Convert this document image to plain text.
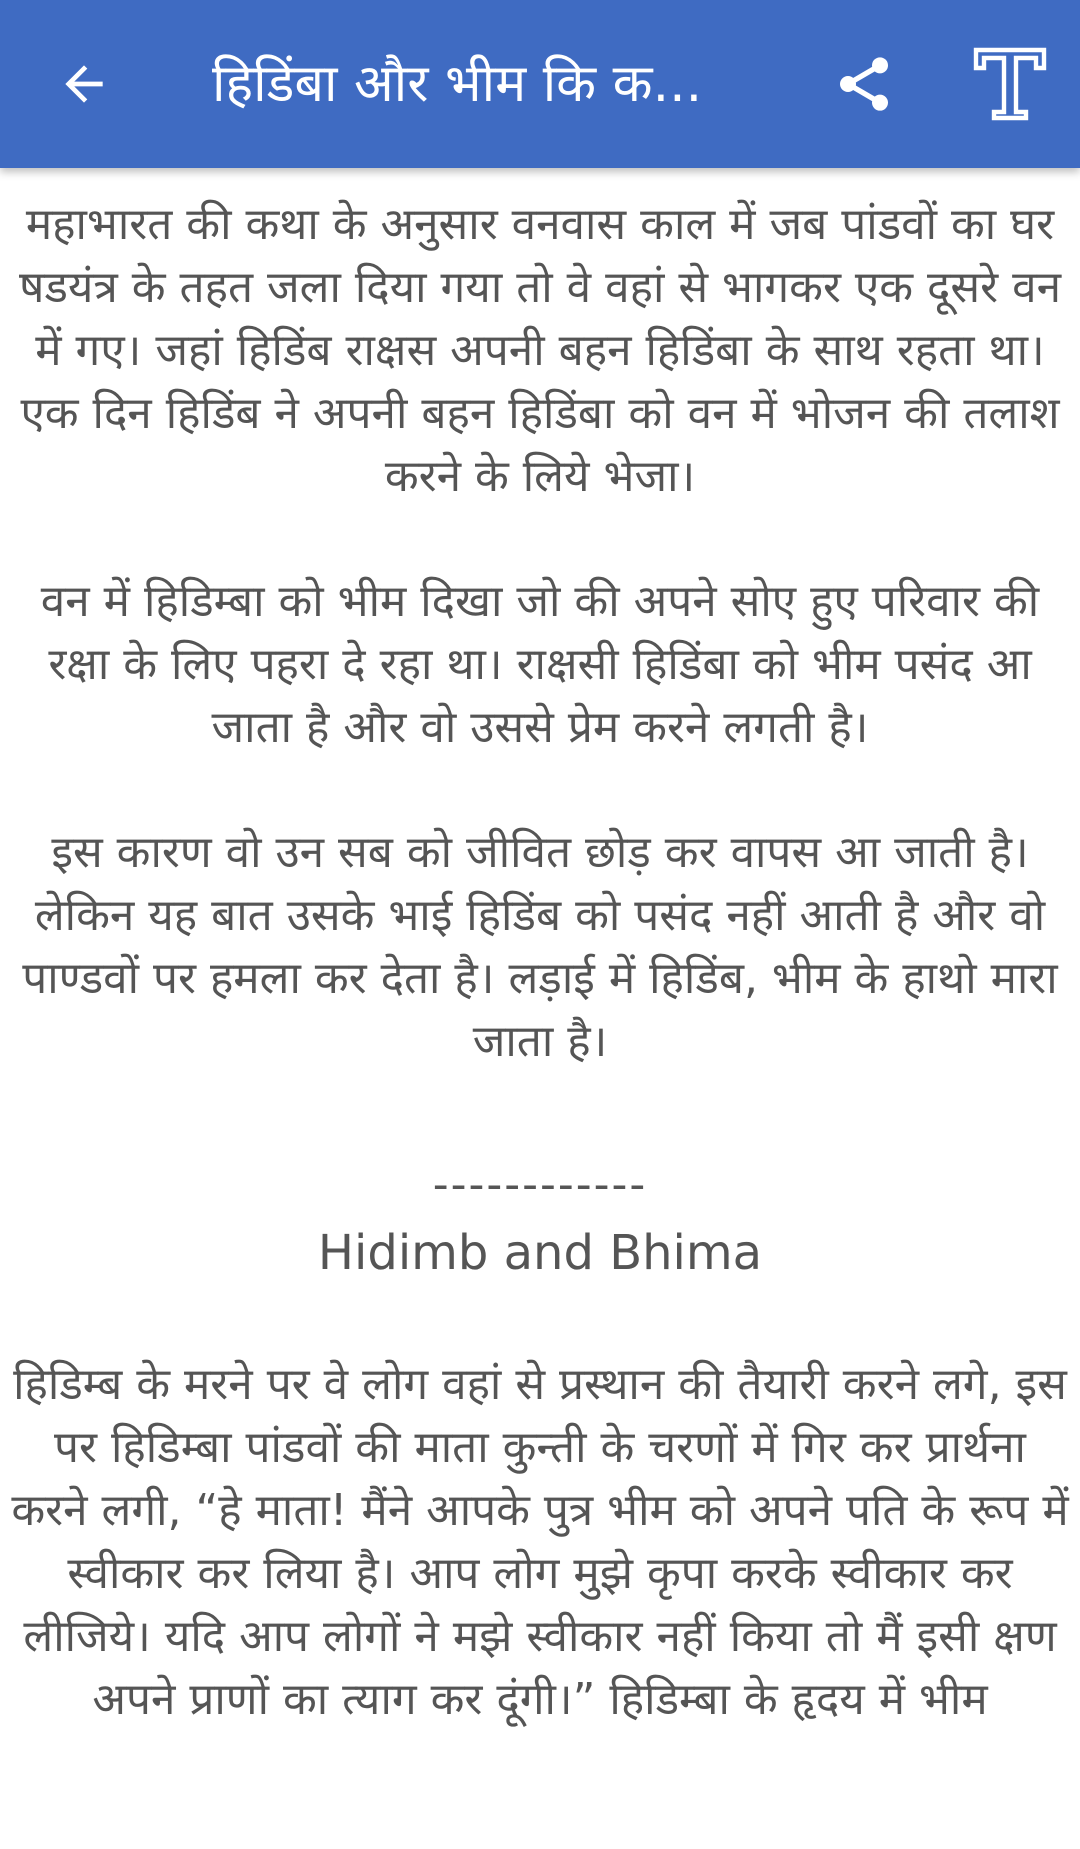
हिडिंबा और भीम कि क...

महाभारत की कथा के अनुसार वनवास काल में जब पांडवों का घर षडयंत्र के तहत जला दिया गया तो वे वहां से भागकर एक दूसरे वन में गए। जहां हिडिंब राक्षस अपनी बहन हिडिंबा के साथ रहता था। एक दिन हिडिंब ने अपनी बहन हिडिंबा को वन में भोजन की तलाश करने के लिये भेजा।

वन में हिडिम्बा को भीम दिखा जो की अपने सोए हुए परिवार की रक्षा के लिए पहरा दे रहा था। राक्षसी हिडिंबा को भीम पसंद आ जाता है और वो उससे प्रेम करने लगती है।

इस कारण वो उन सब को जीवित छोड़ कर वापस आ जाती है। लेकिन यह बात उसके भाई हिडिंब को पसंद नहीं आती है और वो पाण्डवों पर हमला कर देता है। लड़ाई में हिडिंब, भीम के हाथो मारा जाता है।

------------

Hidimb and Bhima

हिडिम्ब के मरने पर वे लोग वहां से प्रस्थान की तैयारी करने लगे, इस पर हिडिम्बा पांडवों की माता कुन्ती के चरणों में गिर कर प्रार्थना करने लगी, “हे माता! मैंने आपके पुत्र भीम को अपने पति के रूप में स्वीकार कर लिया है। आप लोग मुझे कृपा करके स्वीकार कर लीजिये। यदि आप लोगों ने मझे स्वीकार नहीं किया तो मैं इसी क्षण अपने प्राणों का त्याग कर दूंगी।” हिडिम्बा के हृदय में भीम
